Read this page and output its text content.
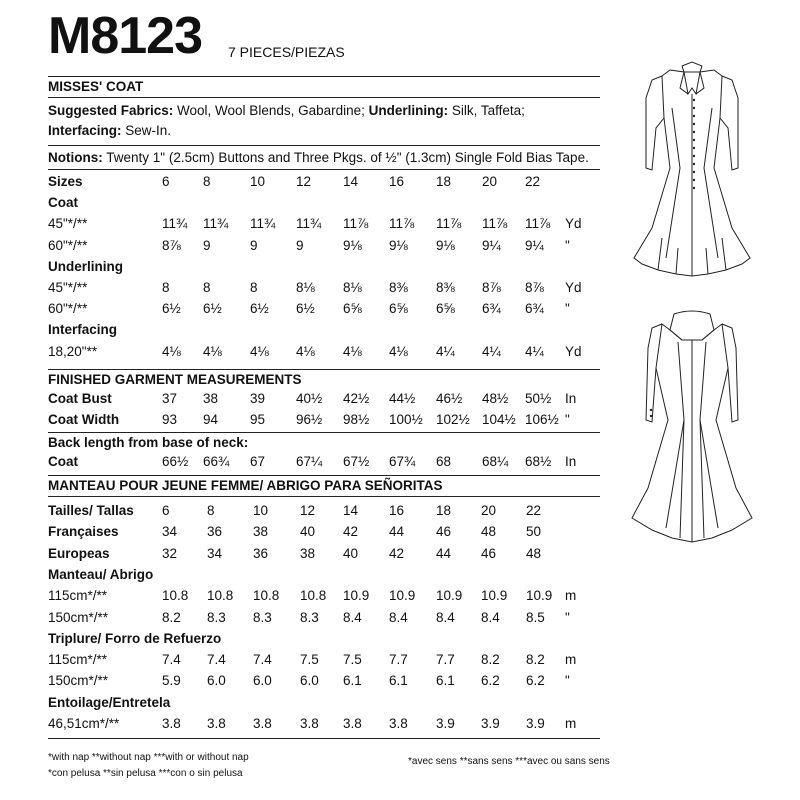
M8123 7 PIECES/PIEZAS
MISSES' COAT
Suggested Fabrics: Wool, Wool Blends, Gabardine; Underlining: Silk, Taffeta;
Interfacing: Sew-In.
Notions: Twenty 1" (2.5cm) Buttons and Three Pkgs. of ½" (1.3cm) Single Fold Bias Tape.
Sizes	6 8	10 12 14 16 18 20 22
Coat
45"*/**	11¾ 11¾ 11¾ 11¾ 11⅞ 11⅞ 11⅞ 11⅞ 11⅞ Yd
60"*/**	8⅞ 9	9	9	9⅛ 9⅛ 9⅛ 9¼ 9¼ "
Underlining
45"*/**	8 8	8	8⅛ 8⅛ 8⅜ 8⅜ 8⅞ 8⅞ Yd
60"*/**	6½ 6½ 6½ 6½ 6⅝ 6⅝ 6⅝ 6¾ 6¾ "
Interfacing
18,20"**	4⅛ 4⅛ 4⅛ 4⅛ 4⅛ 4⅛ 4¼ 4¼ 4¼ Yd
FINISHED GARMENT MEASUREMENTS
Coat Bust	37 38 39 40½ 42½ 44½ 46½ 48½ 50½ In
Coat Width	93 94 95 96½ 98½ 100½ 102½ 104½ 106½ "
Back length from base of neck:
Coat	66½ 66¾ 67 67¼ 67½ 67¾ 68 68¼ 68½ In
MANTEAU POUR JEUNE FEMME/ ABRIGO PARA SEÑORITAS
Tailles/ Tallas 6	8	10 12 14 16 18 20 22
Françaises	34 36 38 40 42 44 46 48 50
Europeas	32 34 36 38 40 42 44 46 48
Manteau/ Abrigo
115cm*/**	10.8 10.8 10.8 10.8 10.9 10.9 10.9 10.9 10.9 m
150cm*/**	8.2 8.3 8.3 8.3 8.4 8.4 8.4 8.4 8.5 "
Triplure/ Forro de Refuerzo
115cm*/**	7.4 7.4 7.4 7.5 7.5 7.7 7.7 8.2 8.2 m
150cm*/**	5.9 6.0 6.0 6.0 6.1 6.1 6.1 6.2 6.2 "
Entoilage/Entretela
46,51cm*/**	3.8 3.8 3.8 3.8 3.8 3.8 3.9 3.9 3.9 m
*with nap **without nap ***with or without nap
*con pelusa **sin pelusa ***con o sin pelusa
*avec sens **sans sens ***avec ou sans sens
